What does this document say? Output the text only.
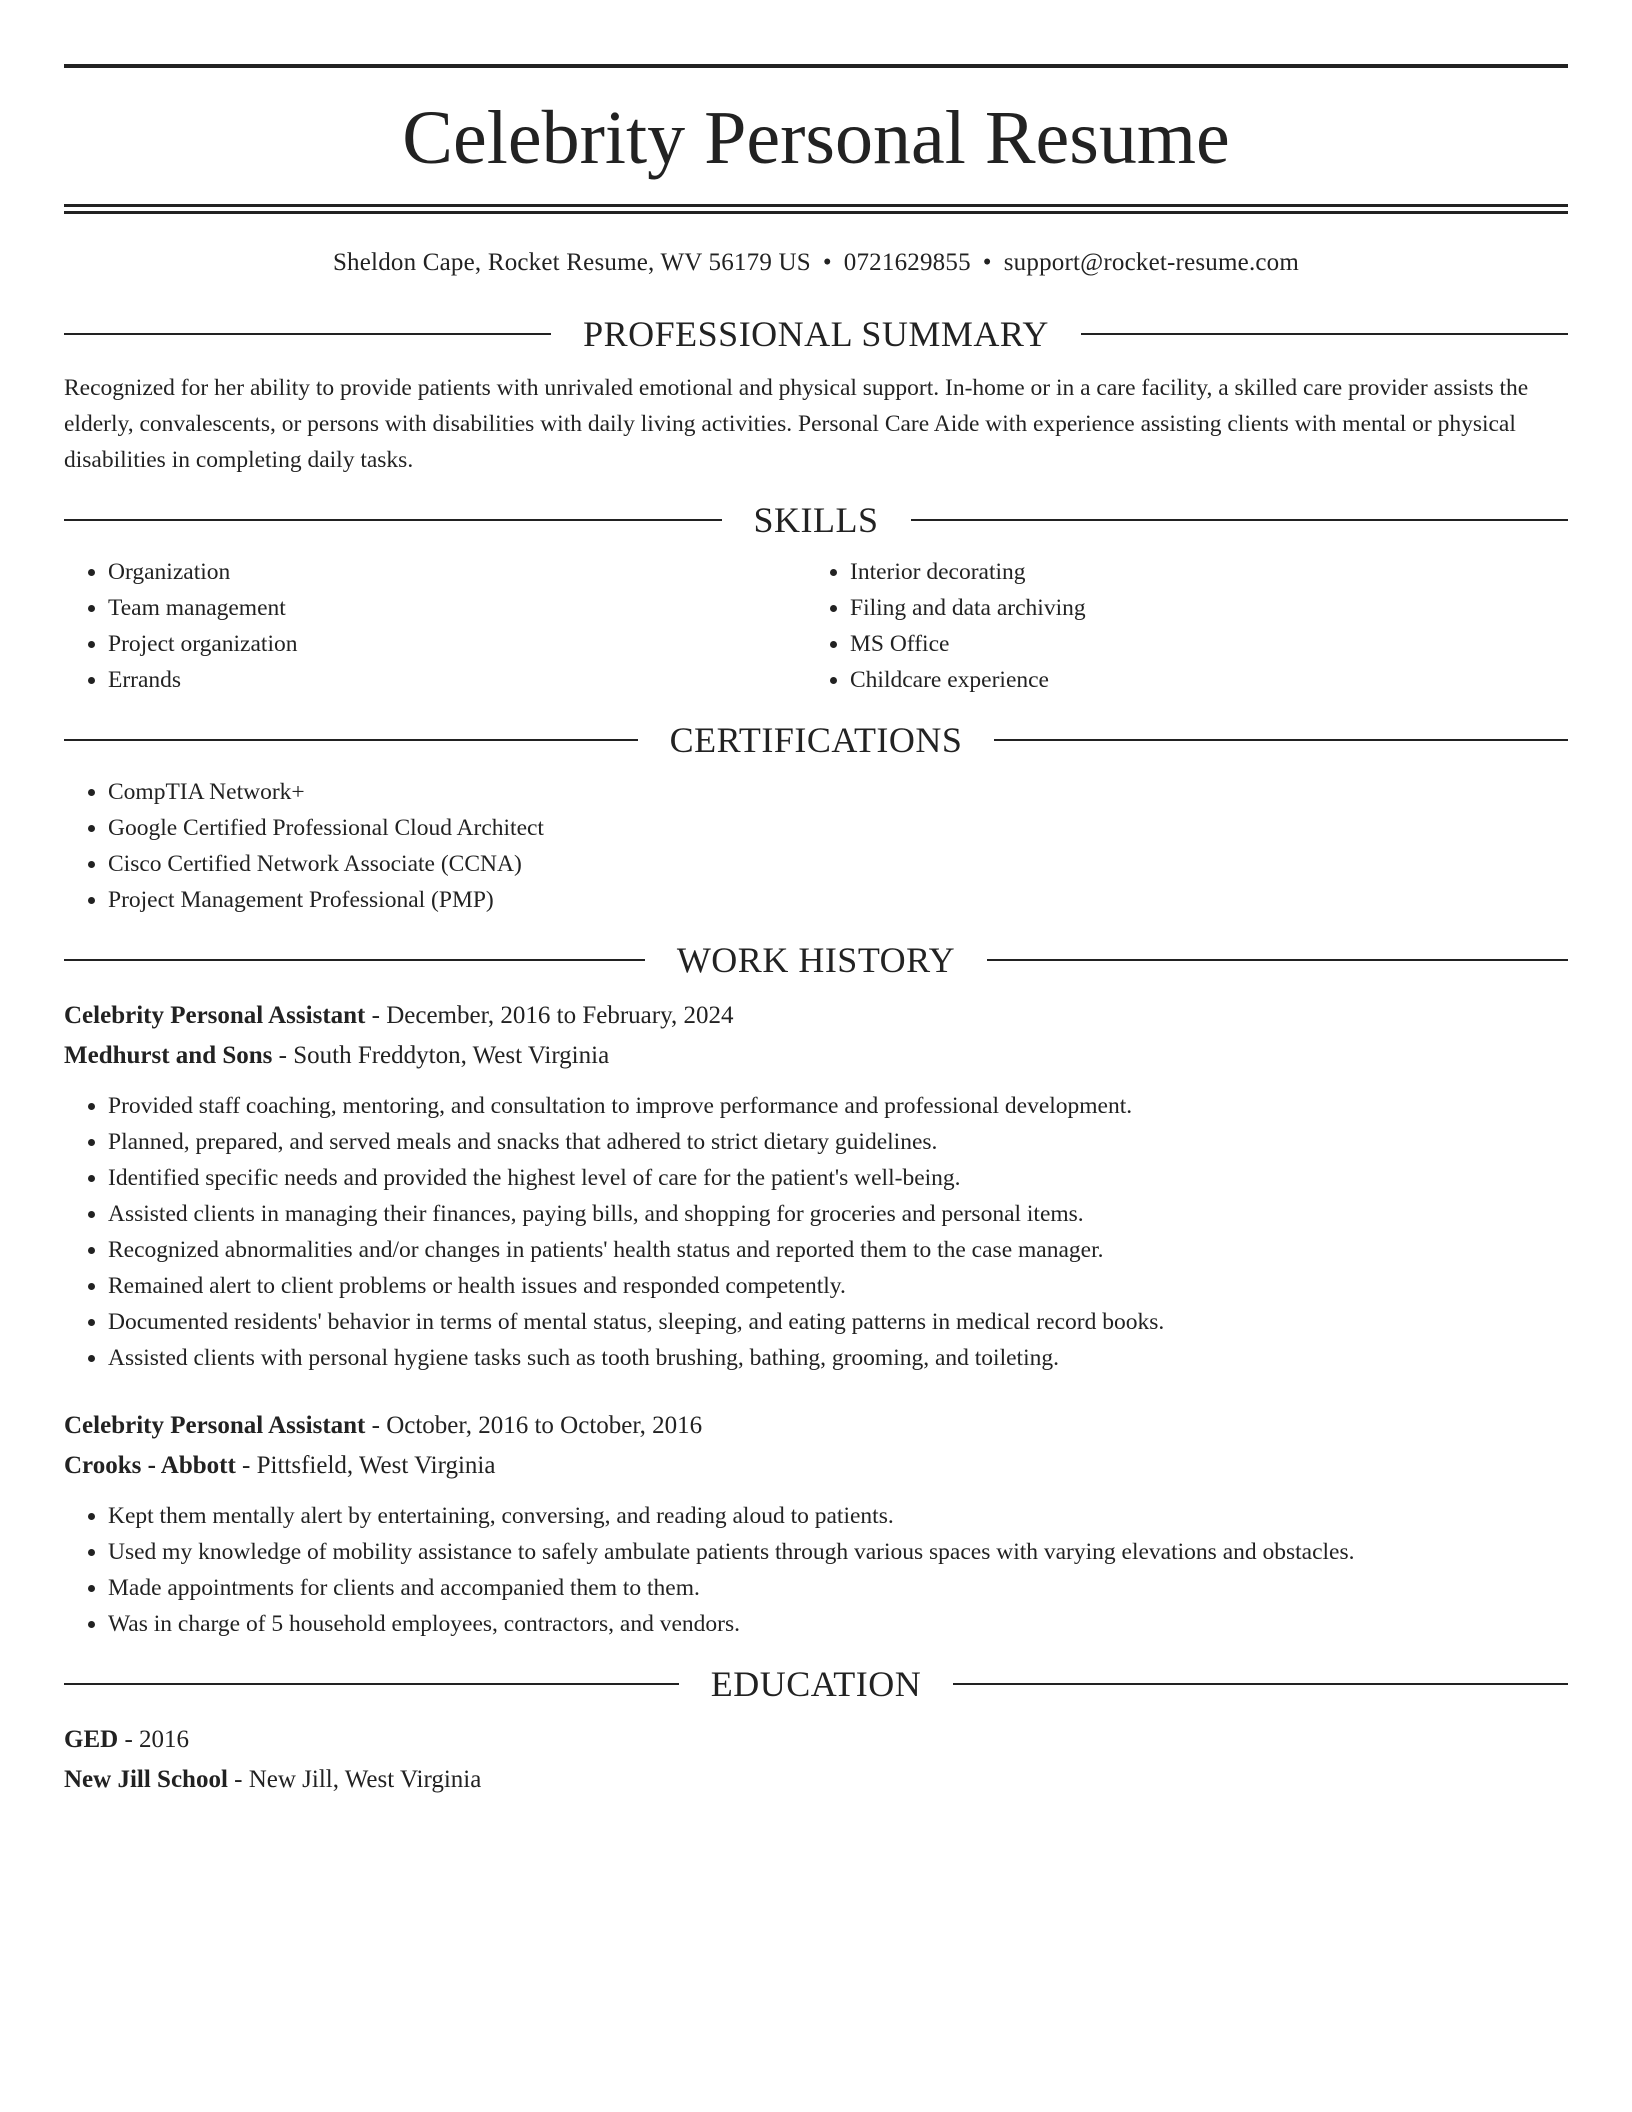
Celebrity Personal Resume
Sheldon Cape, Rocket Resume, WV 56179 US • 0721629855 • support@rocket-resume.com
PROFESSIONAL SUMMARY
Recognized for her ability to provide patients with unrivaled emotional and physical support. In-home or in a care facility, a skilled care provider assists the elderly, convalescents, or persons with disabilities with daily living activities. Personal Care Aide with experience assisting clients with mental or physical disabilities in completing daily tasks.
SKILLS
• Organization
• Team management
• Project organization
• Errands
• Interior decorating
• Filing and data archiving
• MS Office
• Childcare experience
CERTIFICATIONS
• CompTIA Network+
• Google Certified Professional Cloud Architect
• Cisco Certified Network Associate (CCNA)
• Project Management Professional (PMP)
WORK HISTORY
Celebrity Personal Assistant - December, 2016 to February, 2024
Medhurst and Sons - South Freddyton, West Virginia
• Provided staff coaching, mentoring, and consultation to improve performance and professional development.
• Planned, prepared, and served meals and snacks that adhered to strict dietary guidelines.
• Identified specific needs and provided the highest level of care for the patient's well-being.
• Assisted clients in managing their finances, paying bills, and shopping for groceries and personal items.
• Recognized abnormalities and/or changes in patients' health status and reported them to the case manager.
• Remained alert to client problems or health issues and responded competently.
• Documented residents' behavior in terms of mental status, sleeping, and eating patterns in medical record books.
• Assisted clients with personal hygiene tasks such as tooth brushing, bathing, grooming, and toileting.
Celebrity Personal Assistant - October, 2016 to October, 2016
Crooks - Abbott - Pittsfield, West Virginia
• Kept them mentally alert by entertaining, conversing, and reading aloud to patients.
• Used my knowledge of mobility assistance to safely ambulate patients through various spaces with varying elevations and obstacles.
• Made appointments for clients and accompanied them to them.
• Was in charge of 5 household employees, contractors, and vendors.
EDUCATION
GED - 2016
New Jill School - New Jill, West Virginia
